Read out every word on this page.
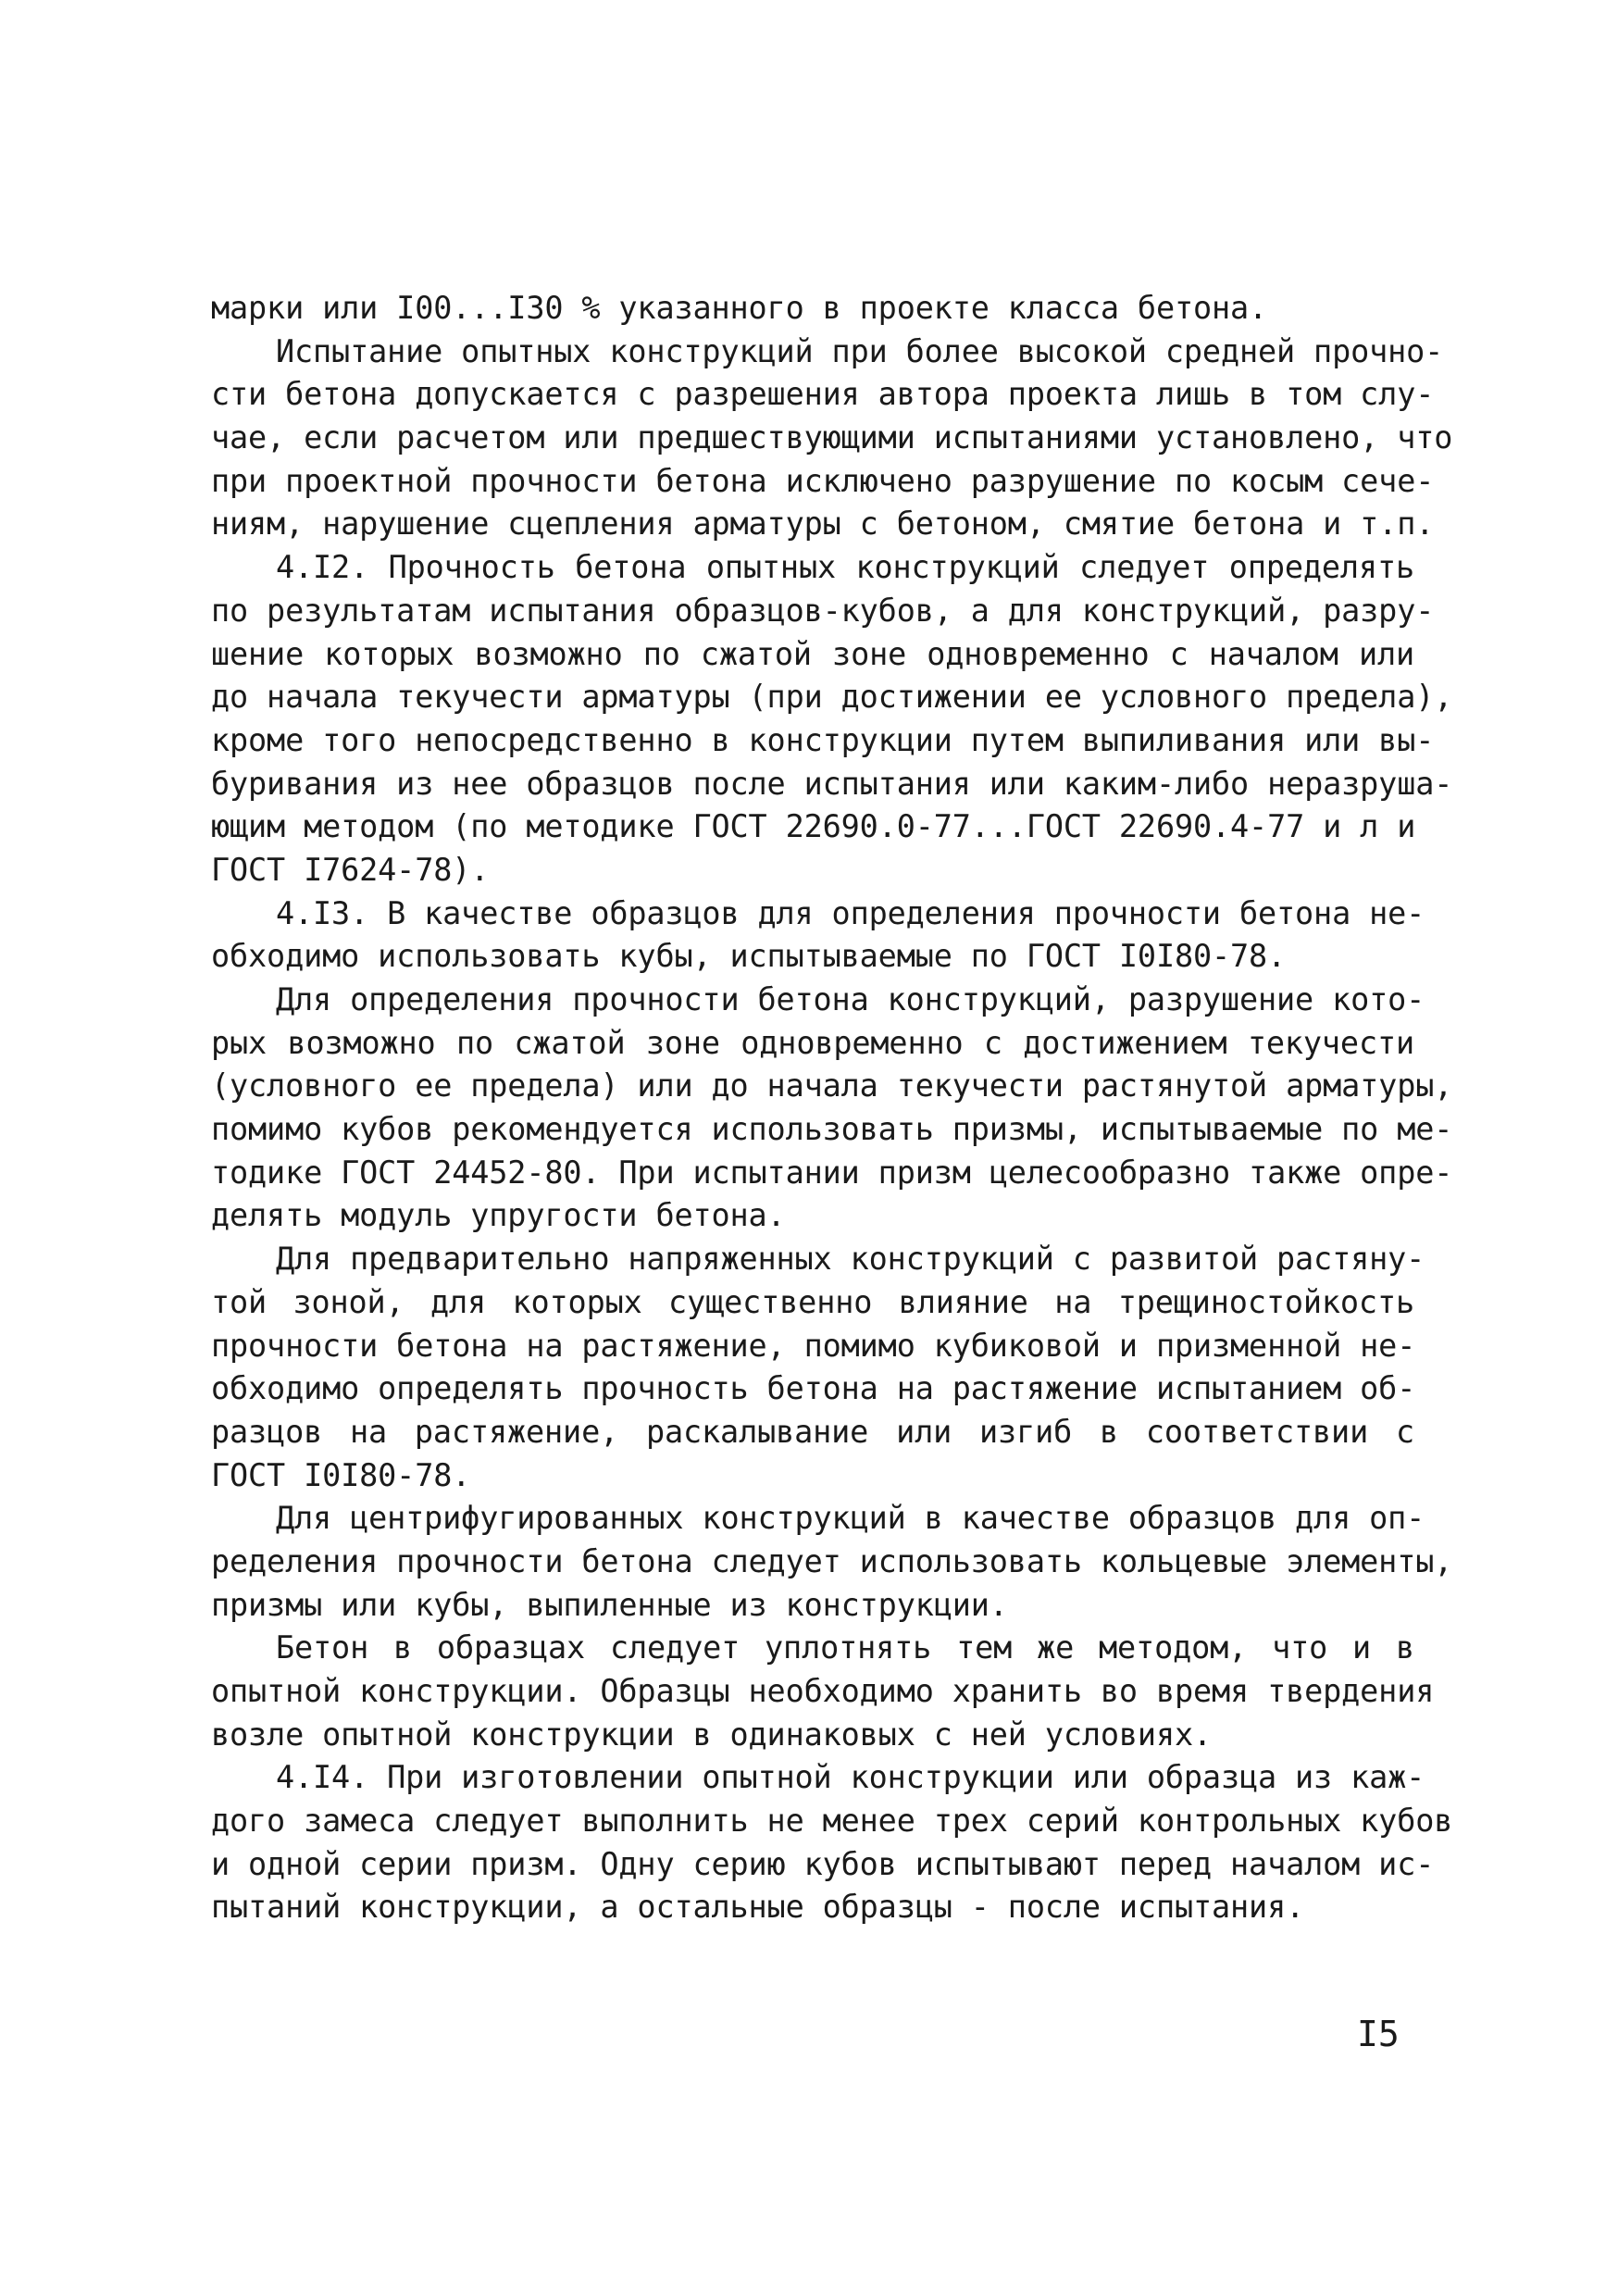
марки или I00...I30 % указанного в проекте класса бетона.
Испытание опытных конструкций при более высокой средней прочно-
сти бетона допускается с разрешения автора проекта лишь в том слу-
чае, если расчетом или предшествующими испытаниями установлено, что
при проектной прочности бетона исключено разрушение по косым сече-
ниям, нарушение сцепления арматуры с бетоном, смятие бетона и т.п.
4.I2. Прочность бетона опытных конструкций следует определять
по результатам испытания образцов-кубов, а для конструкций, разру-
шение которых возможно по сжатой зоне одновременно с началом или
до начала текучести арматуры (при достижении ее условного предела),
кроме того непосредственно в конструкции путем выпиливания или вы-
буривания из нее образцов после испытания или каким-либо неразруша-
ющим методом (по методике ГОСТ 22690.0-77...ГОСТ 22690.4-77 и л и
ГОСТ I7624-78).
4.I3. В качестве образцов для определения прочности бетона не-
обходимо использовать кубы, испытываемые по ГОСТ I0I80-78.
Для определения прочности бетона конструкций, разрушение кото-
рых возможно по сжатой зоне одновременно с достижением текучести
(условного ее предела) или до начала текучести растянутой арматуры,
помимо кубов рекомендуется использовать призмы, испытываемые по ме-
тодике ГОСТ 24452-80. При испытании призм целесообразно также опре-
делять модуль упругости бетона.
Для предварительно напряженных конструкций с развитой растяну-
той зоной, для которых существенно влияние на трещиностойкость
прочности бетона на растяжение, помимо кубиковой и призменной не-
обходимо определять прочность бетона на растяжение испытанием об-
разцов на растяжение, раскалывание или изгиб в соответствии с
ГОСТ I0I80-78.
Для центрифугированных конструкций в качестве образцов для оп-
ределения прочности бетона следует использовать кольцевые элементы,
призмы или кубы, выпиленные из конструкции.
Бетон в образцах следует уплотнять тем же методом, что и в
опытной конструкции. Образцы необходимо хранить во время твердения
возле опытной конструкции в одинаковых с ней условиях.
4.I4. При изготовлении опытной конструкции или образца из каж-
дого замеса следует выполнить не менее трех серий контрольных кубов
и одной серии призм. Одну серию кубов испытывают перед началом ис-
пытаний конструкции, а остальные образцы - после испытания.
I5
